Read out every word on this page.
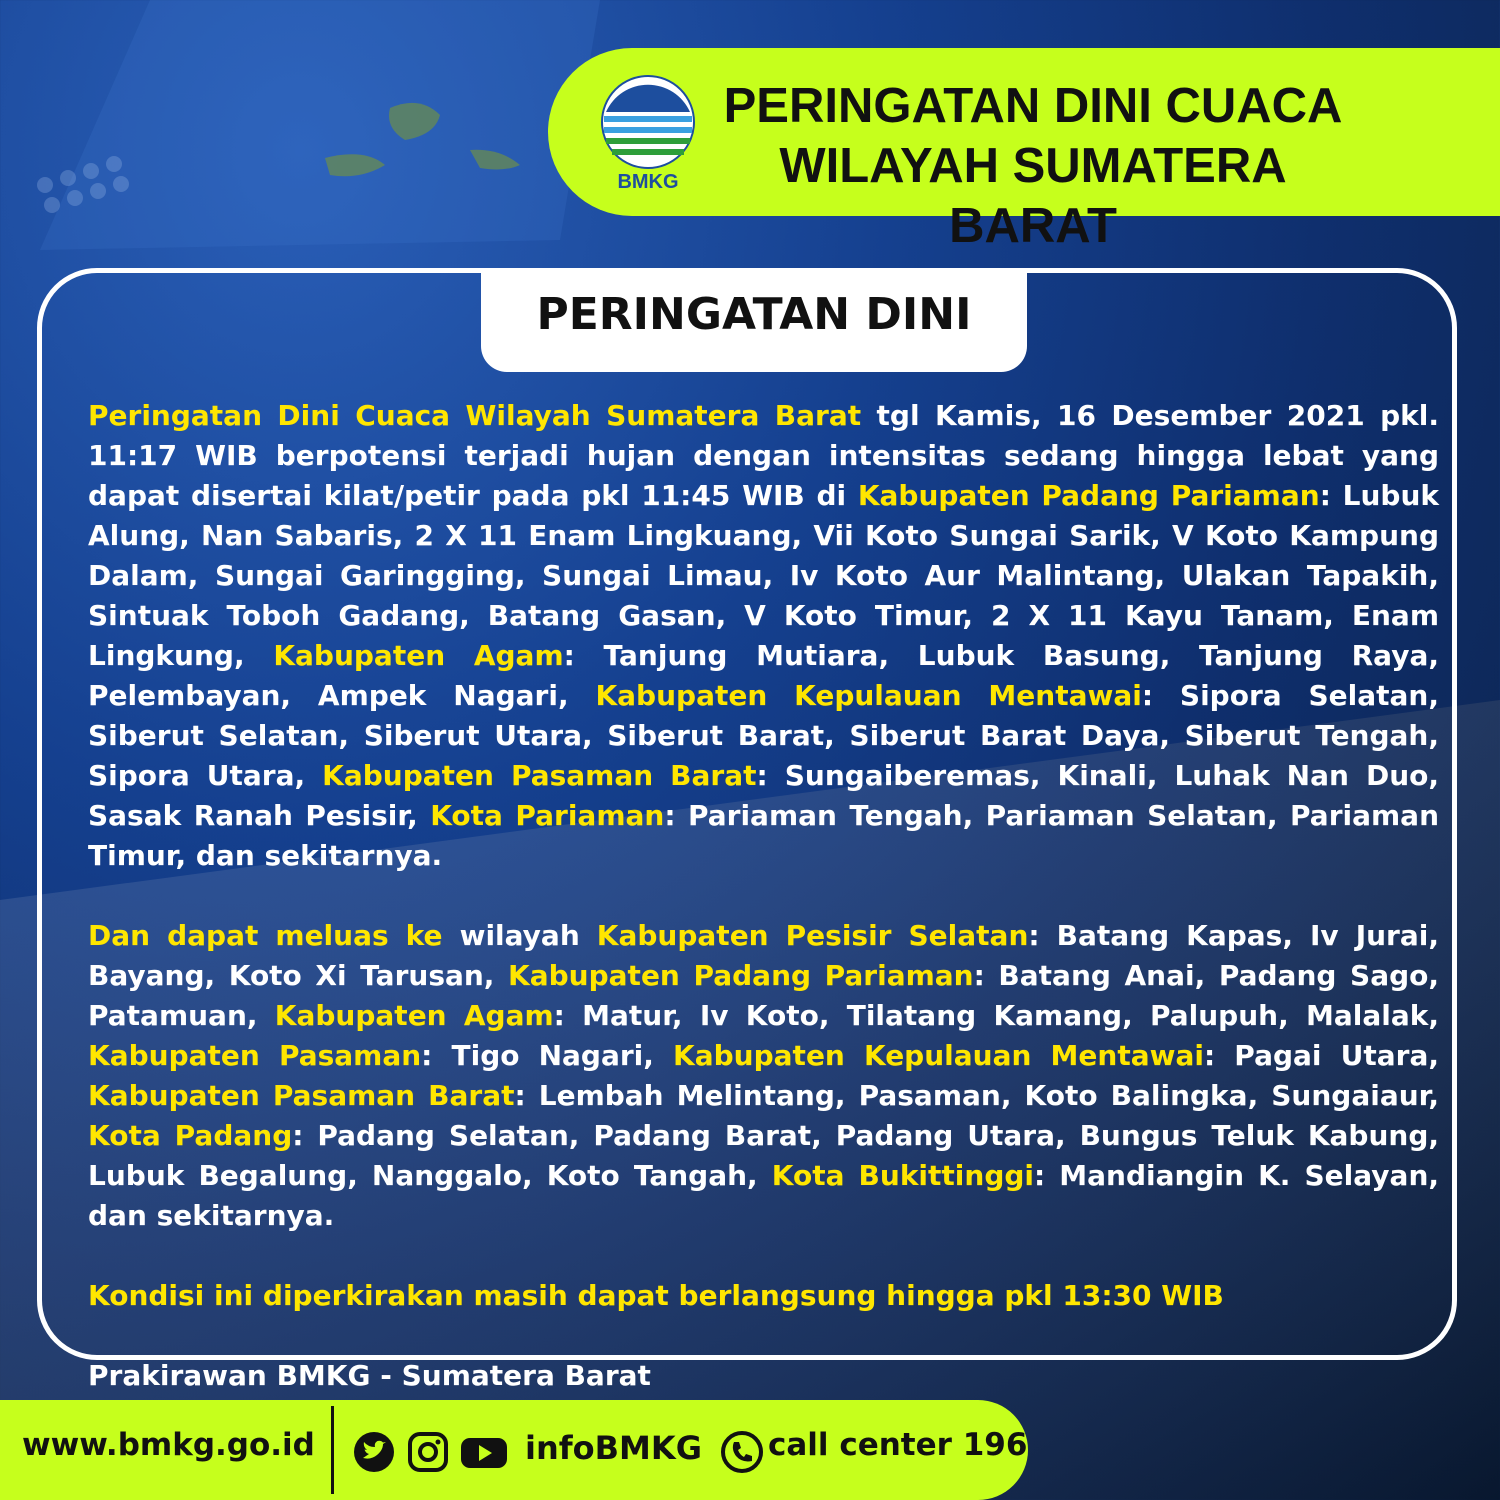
BMKG
PERINGATAN DINI CUACA
WILAYAH SUMATERA BARAT
PERINGATAN DINI

Peringatan Dini Cuaca Wilayah Sumatera Barat tgl Kamis, 16 Desember 2021 pkl. 11:17 WIB berpotensi terjadi hujan dengan intensitas sedang hingga lebat yang dapat disertai kilat/petir pada pkl 11:45 WIB di Kabupaten Padang Pariaman: Lubuk Alung, Nan Sabaris, 2 X 11 Enam Lingkuang, Vii Koto Sungai Sarik, V Koto Kampung Dalam, Sungai Garingging, Sungai Limau, Iv Koto Aur Malintang, Ulakan Tapakih, Sintuak Toboh Gadang, Batang Gasan, V Koto Timur, 2 X 11 Kayu Tanam, Enam Lingkung, Kabupaten Agam: Tanjung Mutiara, Lubuk Basung, Tanjung Raya, Pelembayan, Ampek Nagari, Kabupaten Kepulauan Mentawai: Sipora Selatan, Siberut Selatan, Siberut Utara, Siberut Barat, Siberut Barat Daya, Siberut Tengah, Sipora Utara, Kabupaten Pasaman Barat: Sungaiberemas, Kinali, Luhak Nan Duo, Sasak Ranah Pesisir, Kota Pariaman: Pariaman Tengah, Pariaman Selatan, Pariaman Timur, dan sekitarnya.

Dan dapat meluas ke wilayah Kabupaten Pesisir Selatan: Batang Kapas, Iv Jurai, Bayang, Koto Xi Tarusan, Kabupaten Padang Pariaman: Batang Anai, Padang Sago, Patamuan, Kabupaten Agam: Matur, Iv Koto, Tilatang Kamang, Palupuh, Malalak, Kabupaten Pasaman: Tigo Nagari, Kabupaten Kepulauan Mentawai: Pagai Utara, Kabupaten Pasaman Barat: Lembah Melintang, Pasaman, Koto Balingka, Sungaiaur, Kota Padang: Padang Selatan, Padang Barat, Padang Utara, Bungus Teluk Kabung, Lubuk Begalung, Nanggalo, Koto Tangah, Kota Bukittinggi: Mandiangin K. Selayan, dan sekitarnya.

Kondisi ini diperkirakan masih dapat berlangsung hingga pkl 13:30 WIB

Prakirawan BMKG - Sumatera Barat

www.bmkg.go.id	infoBMKG call center 196
